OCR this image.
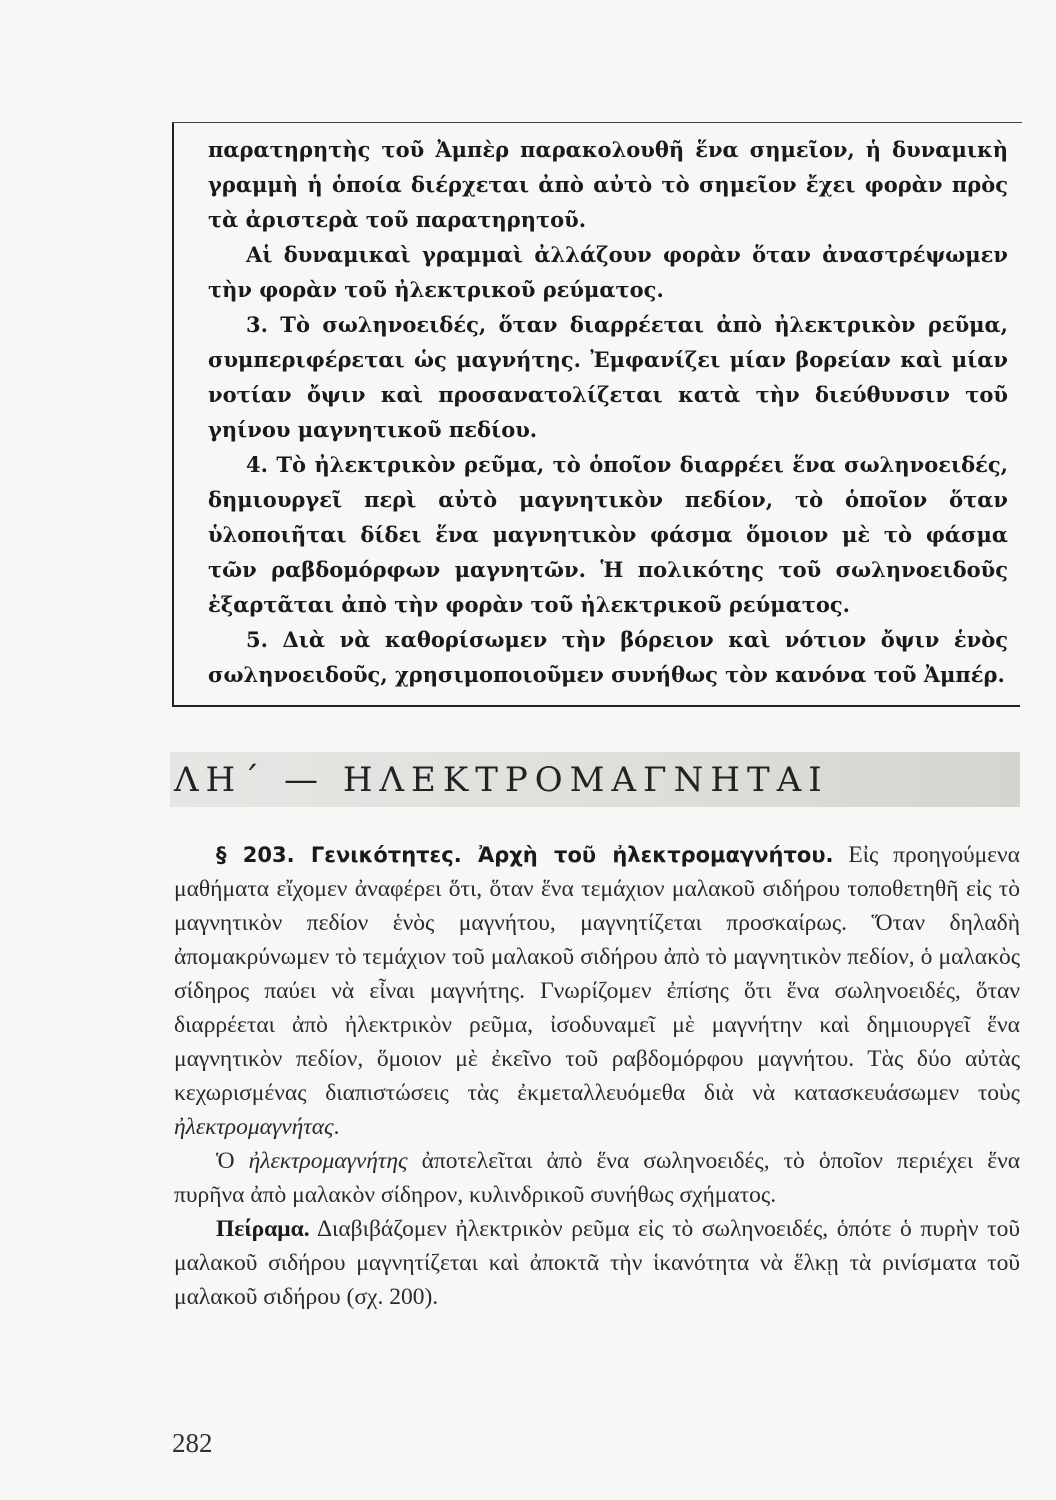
παρατηρητὴς τοῦ Ἀμπὲρ παρακολουθῆ ἕνα σημεῖον, ἡ δυναμικὴ γραμμὴ ἡ ὁποία διέρχεται ἀπὸ αὐτὸ τὸ σημεῖον ἔχει φορὰν πρὸς τὰ ἀριστερὰ τοῦ παρατηρητοῦ.

Αἱ δυναμικαὶ γραμμαὶ ἀλλάζουν φορὰν ὅταν ἀναστρέψωμεν τὴν φορὰν τοῦ ἠλεκτρικοῦ ρεύματος.

3. Τὸ σωληνοειδές, ὅταν διαρρέεται ἀπὸ ἠλεκτρικὸν ρεῦμα, συμπεριφέρεται ὡς μαγνήτης. Ἐμφανίζει μίαν βορείαν καὶ μίαν νοτίαν ὄψιν καὶ προσανατολίζεται κατὰ τὴν διεύθυνσιν τοῦ γηίνου μαγνητικοῦ πεδίου.

4. Τὸ ἠλεκτρικὸν ρεῦμα, τὸ ὁποῖον διαρρέει ἕνα σωληνοειδές, δημιουργεῖ περὶ αὐτὸ μαγνητικὸν πεδίον, τὸ ὁποῖον ὅταν ὑλοποιῆται δίδει ἕνα μαγνητικὸν φάσμα ὅμοιον μὲ τὸ φάσμα τῶν ραβδομόρφων μαγνητῶν. Ἡ πολικότης τοῦ σωληνοειδοῦς ἐξαρτᾶται ἀπὸ τὴν φορὰν τοῦ ἠλεκτρικοῦ ρεύματος.

5. Διὰ νὰ καθορίσωμεν τὴν βόρειον καὶ νότιον ὄψιν ἑνὸς σωληνοειδοῦς, χρησιμοποιοῦμεν συνήθως τὸν κανόνα τοῦ Ἀμπέρ.

ΛΗ΄ — ΗΛΕΚΤΡΟΜΑΓΝΗΤΑΙ

§ 203. Γενικότητες. Ἀρχὴ τοῦ ἠλεκτρομαγνήτου. Εἰς προηγούμενα μαθήματα εἴχομεν ἀναφέρει ὅτι, ὅταν ἕνα τεμάχιον μαλακοῦ σιδήρου τοποθετηθῆ εἰς τὸ μαγνητικὸν πεδίον ἑνὸς μαγνήτου, μαγνητίζεται προσκαίρως. Ὅταν δηλαδὴ ἀπομακρύνωμεν τὸ τεμάχιον τοῦ μαλακοῦ σιδήρου ἀπὸ τὸ μαγνητικὸν πεδίον, ὁ μαλακὸς σίδηρος παύει νὰ εἶναι μαγνήτης. Γνωρίζομεν ἐπίσης ὅτι ἕνα σωληνοειδές, ὅταν διαρρέεται ἀπὸ ἠλεκτρικὸν ρεῦμα, ἰσοδυναμεῖ μὲ μαγνήτην καὶ δημιουργεῖ ἕνα μαγνητικὸν πεδίον, ὅμοιον μὲ ἐκεῖνο τοῦ ραβδομόρφου μαγνήτου. Τὰς δύο αὐτὰς κεχωρισμένας διαπιστώσεις τὰς ἐκμεταλλευόμεθα διὰ νὰ κατασκευάσωμεν τοὺς ἠλεκτρομαγνήτας.

Ὁ ἠλεκτρομαγνήτης ἀποτελεῖται ἀπὸ ἕνα σωληνοειδές, τὸ ὁποῖον περιέχει ἕνα πυρῆνα ἀπὸ μαλακὸν σίδηρον, κυλινδρικοῦ συνήθως σχήματος.

Πείραμα. Διαβιβάζομεν ἠλεκτρικὸν ρεῦμα εἰς τὸ σωληνοειδές, ὁπότε ὁ πυρὴν τοῦ μαλακοῦ σιδήρου μαγνητίζεται καὶ ἀποκτᾶ τὴν ἱκανότητα νὰ ἕλκῃ τὰ ρινίσματα τοῦ μαλακοῦ σιδήρου (σχ. 200).

282
